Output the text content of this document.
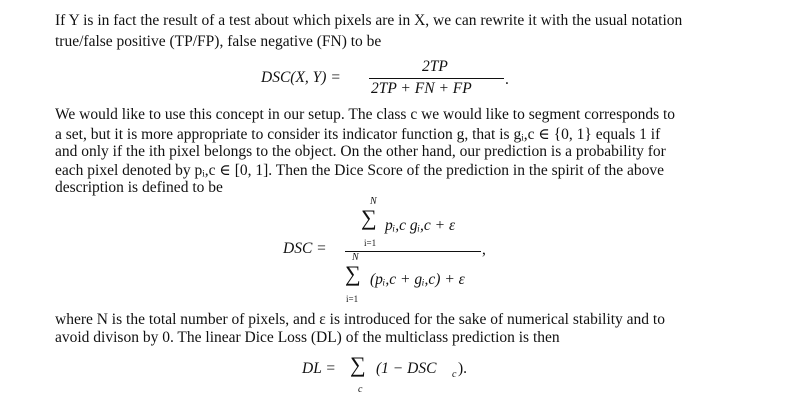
If Y is in fact the result of a test about which pixels are in X, we can rewrite it with the usual notation
true/false positive (TP/FP), false negative (FN) to be
DSC(X, Y) =
2TP
2TP + FN + FP
.
We would like to use this concept in our setup. The class c we would like to segment corresponds to
a set, but it is more appropriate to consider its indicator function g, that is gᵢ,c ∈ {0, 1} equals 1 if
and only if the ith pixel belongs to the object. On the other hand, our prediction is a probability for
each pixel denoted by pᵢ,c ∈ [0, 1]. Then the Dice Score of the prediction in the spirit of the above
description is defined to be
N
∑ pᵢ,c gᵢ,c + ε
i=1
DSC =	,
N
∑ (pᵢ,c + gᵢ,c) + ε
i=1
where N is the total number of pixels, and ε is introduced for the sake of numerical stability and to
avoid divison by 0. The linear Dice Loss (DL) of the multiclass prediction is then
DL = ∑ (1 − DSC c ).
c
